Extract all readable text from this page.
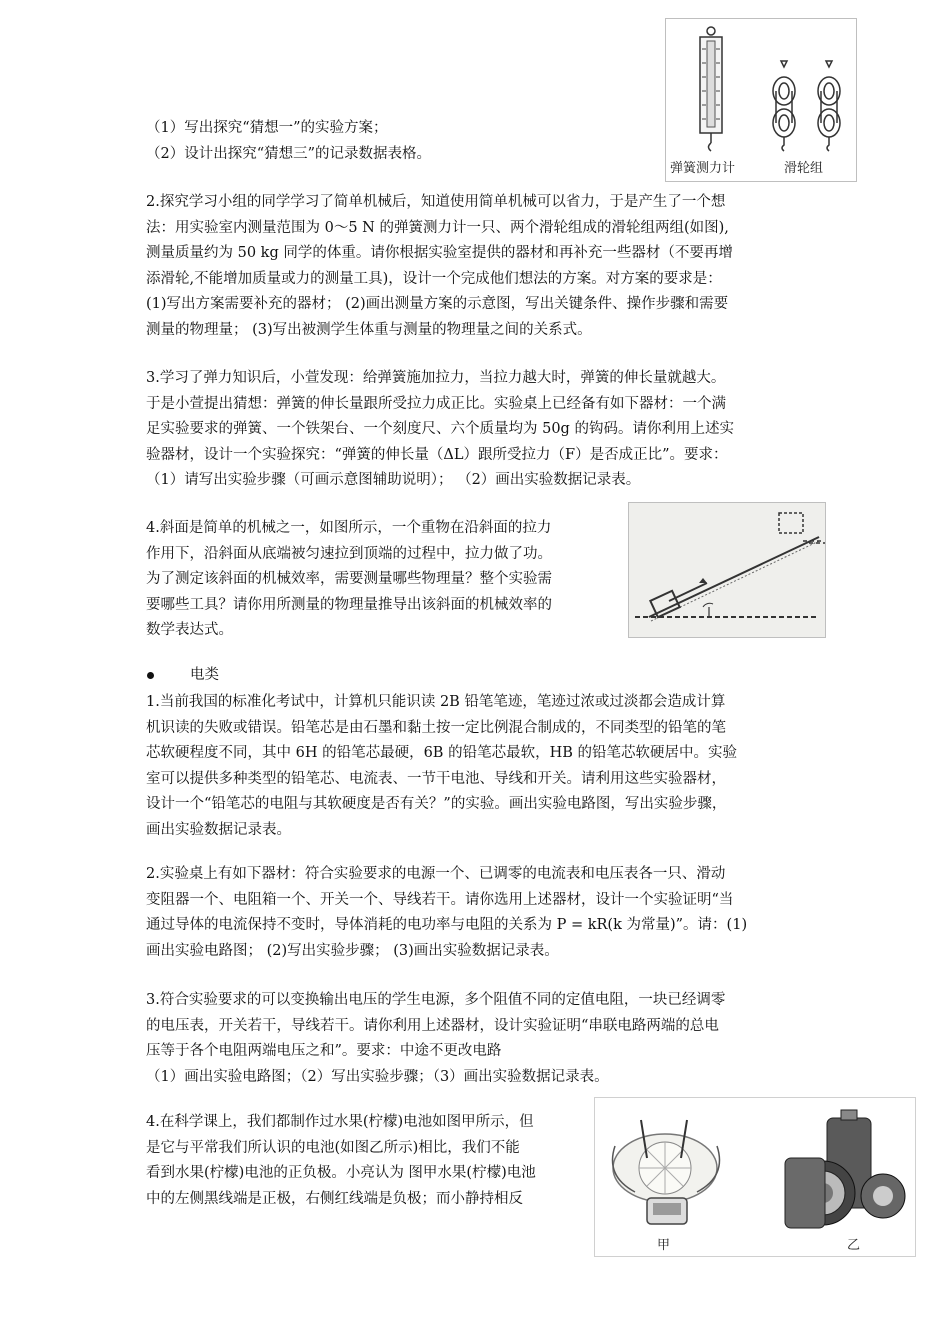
弹簧测力计	滑轮组
（1）写出探究“猜想一”的实验方案；
（2）设计出探究“猜想三”的记录数据表格。
2.探究学习小组的同学学习了简单机械后，知道使用简单机械可以省力，于是产生了一个想
法：用实验室内测量范围为 0～5 N 的弹簧测力计一只、两个滑轮组成的滑轮组两组(如图),
测量质量约为 50 kg 同学的体重。请你根据实验室提供的器材和再补充一些器材（不要再增
添滑轮,不能增加质量或力的测量工具)，设计一个完成他们想法的方案。对方案的要求是：
(1)写出方案需要补充的器材； (2)画出测量方案的示意图，写出关键条件、操作步骤和需要
测量的物理量； (3)写出被测学生体重与测量的物理量之间的关系式。
3.学习了弹力知识后，小萱发现：给弹簧施加拉力，当拉力越大时，弹簧的伸长量就越大。
于是小萱提出猜想：弹簧的伸长量跟所受拉力成正比。实验桌上已经备有如下器材：一个满
足实验要求的弹簧、一个铁架台、一个刻度尺、六个质量均为 50g 的钩码。请你利用上述实
验器材，设计一个实验探究：“弹簧的伸长量（ΔL）跟所受拉力（F）是否成正比”。要求：
（1）请写出实验步骤（可画示意图辅助说明）； （2）画出实验数据记录表。
4.斜面是简单的机械之一，如图所示，一个重物在沿斜面的拉力
作用下，沿斜面从底端被匀速拉到顶端的过程中，拉力做了功。
为了测定该斜面的机械效率，需要测量哪些物理量？整个实验需
要哪些工具？请你用所测量的物理量推导出该斜面的机械效率的
数学表达式。
电类
1.当前我国的标准化考试中，计算机只能识读 2B 铅笔笔迹，笔迹过浓或过淡都会造成计算
机识读的失败或错误。铅笔芯是由石墨和黏土按一定比例混合制成的，不同类型的铅笔的笔
芯软硬程度不同，其中 6H 的铅笔芯最硬，6B 的铅笔芯最软，HB 的铅笔芯软硬居中。实验
室可以提供多种类型的铅笔芯、电流表、一节干电池、导线和开关。请利用这些实验器材，
设计一个“铅笔芯的电阻与其软硬度是否有关？”的实验。画出实验电路图，写出实验步骤，
画出实验数据记录表。
2.实验桌上有如下器材：符合实验要求的电源一个、已调零的电流表和电压表各一只、滑动
变阻器一个、电阻箱一个、开关一个、导线若干。请你选用上述器材，设计一个实验证明“当
通过导体的电流保持不变时，导体消耗的电功率与电阻的关系为 P = kR(k 为常量)”。请：(1)
画出实验电路图； (2)写出实验步骤； (3)画出实验数据记录表。
3.符合实验要求的可以变换输出电压的学生电源，多个阻值不同的定值电阻，一块已经调零
的电压表，开关若干，导线若干。请你利用上述器材，设计实验证明“串联电路两端的总电
压等于各个电阻两端电压之和”。要求：中途不更改电路
（1）画出实验电路图；（2）写出实验步骤；（3）画出实验数据记录表。
4.在科学课上，我们都制作过水果(柠檬)电池如图甲所示，但
是它与平常我们所认识的电池(如图乙所示)相比，我们不能
看到水果(柠檬)电池的正负极。小亮认为 图甲水果(柠檬)电池
中的左侧黑线端是正极，右侧红线端是负极；而小静持相反
甲	乙
